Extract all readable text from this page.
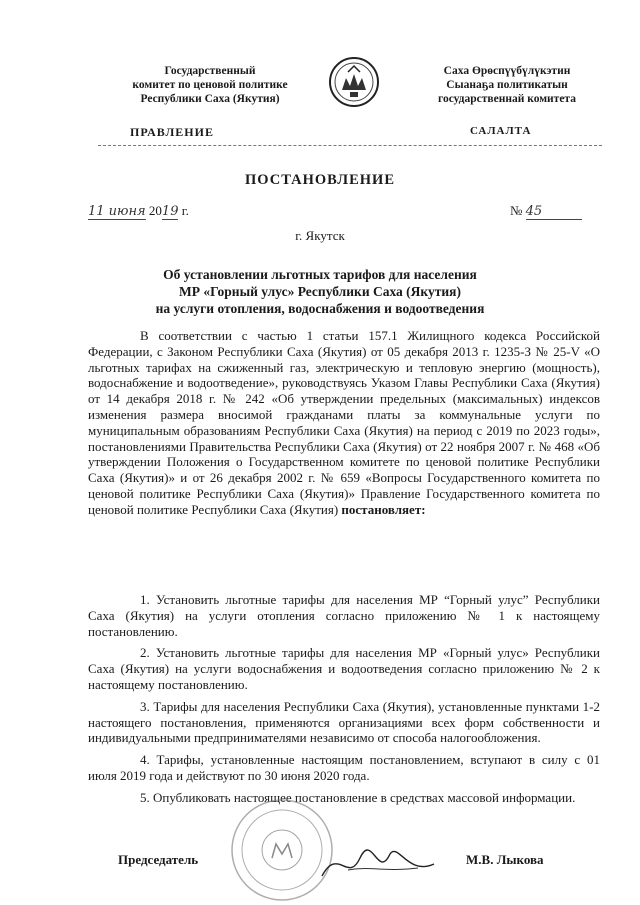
Государственный
комитет по ценовой политике
Республики Саха (Якутия)
Саха Өрөспүүбүлүкэтин
Сыанаҕа политикатын
государственнай комитета
ПРАВЛЕНИЕ	САЛАЛТА
ПОСТАНОВЛЕНИЕ
11 июня 2019 г.	№ 45
г. Якутск
Об установлении льготных тарифов для населения
МР «Горный улус» Республики Саха (Якутия)
на услуги отопления, водоснабжения и водоотведения
В соответствии с частью 1 статьи 157.1 Жилищного кодекса Российской Федерации, с Законом Республики Саха (Якутия) от 05 декабря 2013 г. 1235-З № 25-V «О льготных тарифах на сжиженный газ, электрическую и тепловую энергию (мощность), водоснабжение и водоотведение», руководствуясь Указом Главы Республики Саха (Якутия) от 14 декабря 2018 г. № 242 «Об утверждении предельных (максимальных) индексов изменения размера вносимой гражданами платы за коммунальные услуги по муниципальным образованиям Республики Саха (Якутия) на период с 2019 по 2023 годы», постановлениями Правительства Республики Саха (Якутия) от 22 ноября 2007 г. № 468 «Об утверждении Положения о Государственном комитете по ценовой политике Республики Саха (Якутия)» и от 26 декабря 2002 г. № 659 «Вопросы Государственного комитета по ценовой политике Республики Саха (Якутия)» Правление Государственного комитета по ценовой политике Республики Саха (Якутия) постановляет:

1. Установить льготные тарифы для населения МР “Горный улус” Республики Саха (Якутия) на услуги отопления согласно приложению № 1 к настоящему постановлению.

2. Установить льготные тарифы для населения МР «Горный улус» Республики Саха (Якутия) на услуги водоснабжения и водоотведения согласно приложению № 2 к настоящему постановлению.

3. Тарифы для населения Республики Саха (Якутия), установленные пунктами 1-2 настоящего постановления, применяются организациями всех форм собственности и индивидуальными предпринимателями независимо от способа налогообложения.

4. Тарифы, установленные настоящим постановлением, вступают в силу с 01 июля 2019 года и действуют по 30 июня 2020 года.

5. Опубликовать настоящее постановление в средствах массовой информации.

Председатель	М.В. Лыкова
